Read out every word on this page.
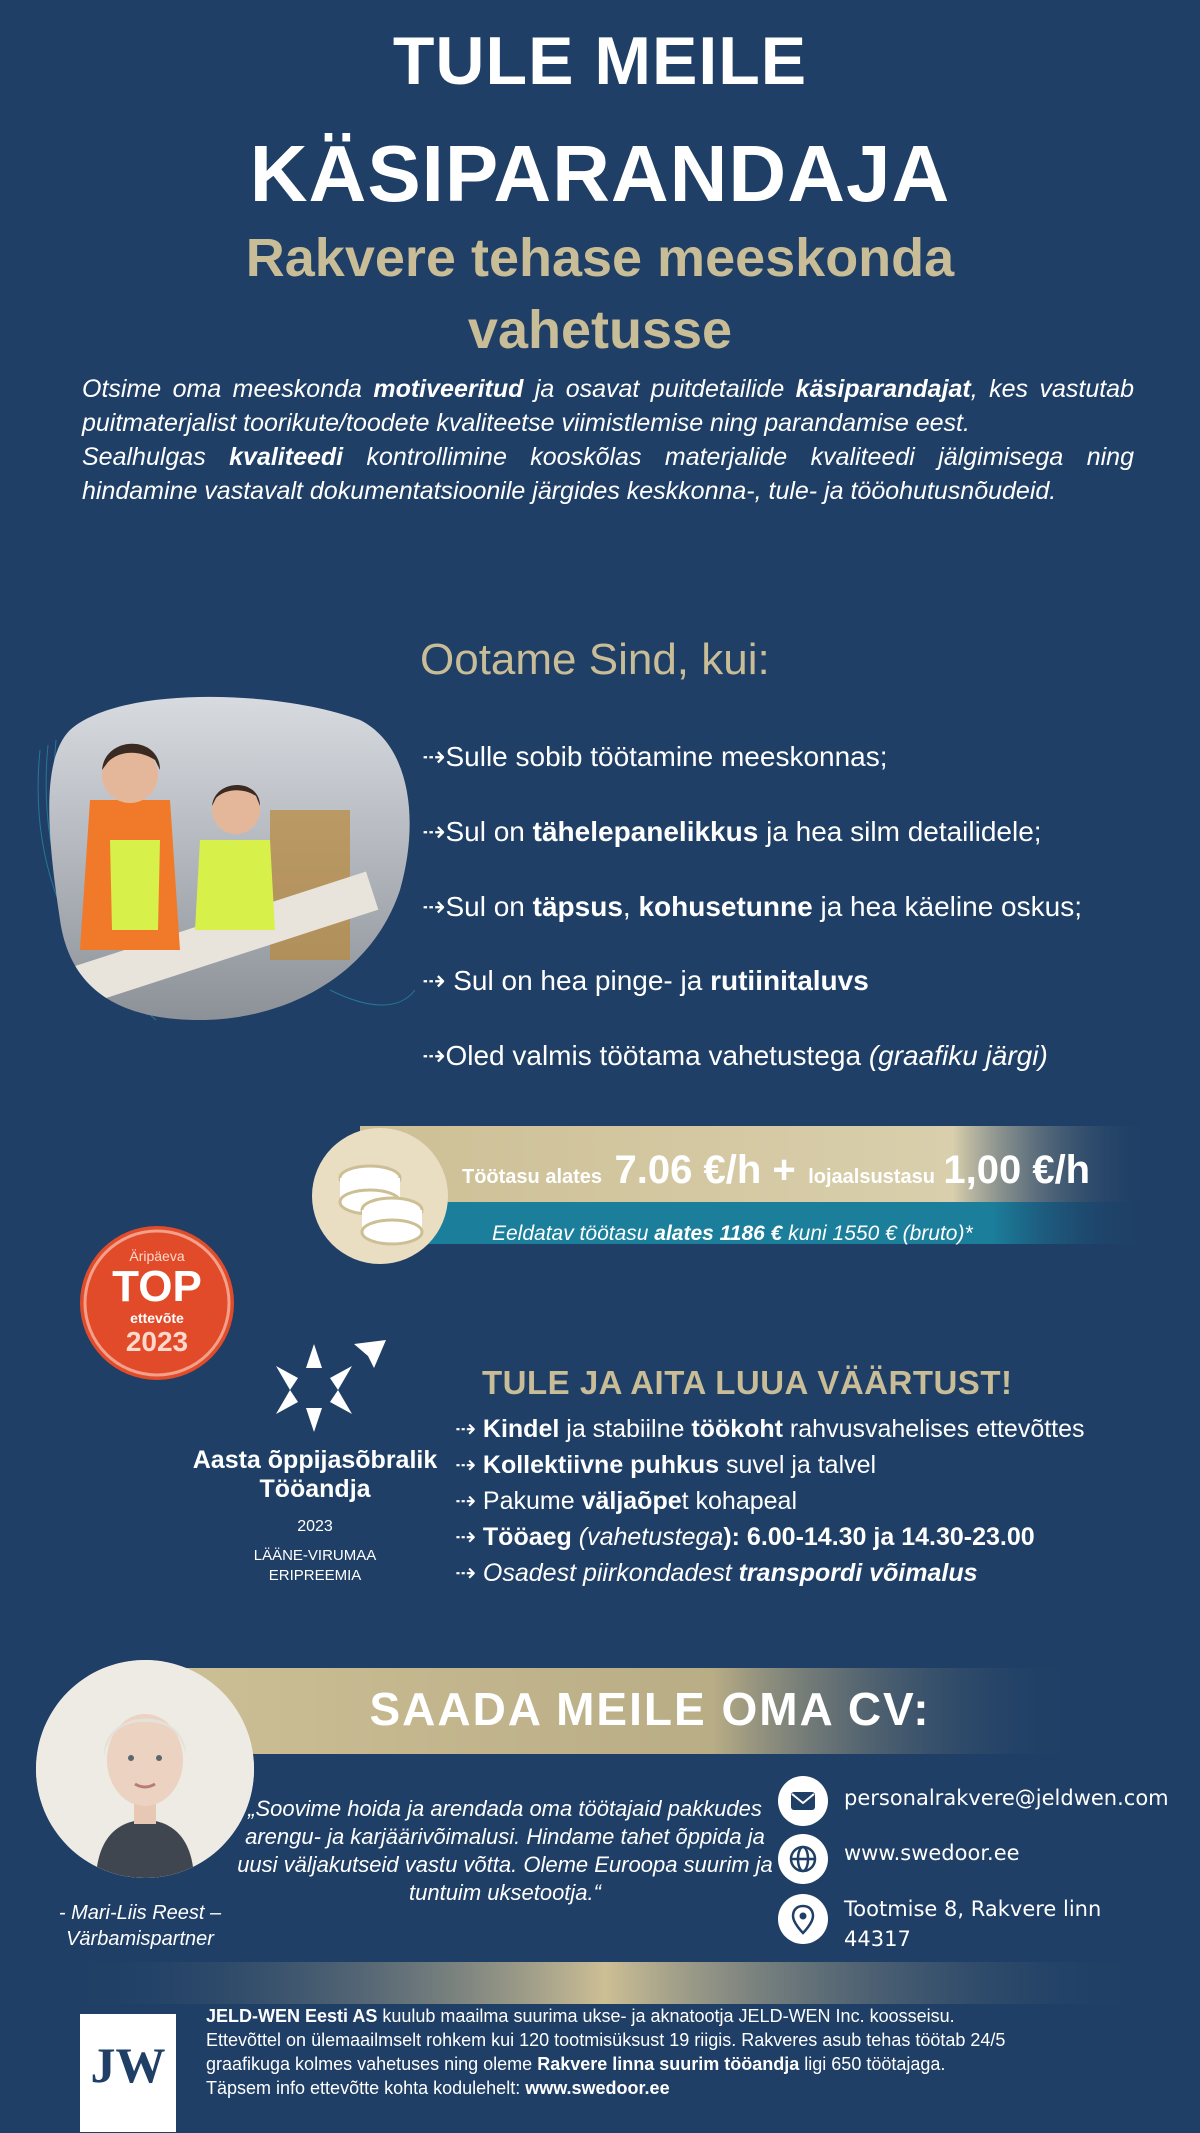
TULE MEILE
KÄSIPARANDAJA
Rakvere tehase meeskonda
vahetusse
Otsime oma meeskonda motiveeritud ja osavat puitdetailide käsiparandajat, kes vastutab puitmaterjalist toorikute/toodete kvaliteetse viimistlemise ning parandamise eest.
Sealhulgas kvaliteedi kontrollimine kooskõlas materjalide kvaliteedi jälgimisega ning hindamine vastavalt dokumentatsioonile järgides keskkonna-, tule- ja tööohutusnõudeid.
Ootame Sind, kui:
⇢Sulle sobib töötamine meeskonnas;
⇢Sul on tähelepanelikkus ja hea silm detailidele;
⇢Sul on täpsus, kohusetunne ja hea käeline oskus;
⇢ Sul on hea pinge- ja rutiinitaluvs
⇢Oled valmis töötama vahetustega (graafiku järgi)
Töötasu alates 7.06 €/h + lojaalsustasu 1,00 €/h
Eeldatav töötasu alates 1186 € kuni 1550 € (bruto)*
Äripäeva
TOP
ettevõte
2023
Aasta õppijasõbralik
Tööandja
2023
LÄÄNE-VIRUMAA
ERIPREEMIA
TULE JA AITA LUUA VÄÄRTUST!
⇢ Kindel ja stabiilne töökoht rahvusvahelises ettevõttes
⇢ Kollektiivne puhkus suvel ja talvel
⇢ Pakume väljaõpet kohapeal
⇢ Tööaeg (vahetustega): 6.00-14.30 ja 14.30-23.00
⇢ Osadest piirkondadest transpordi võimalus
SAADA MEILE OMA CV:
- Mari-Liis Reest –
Värbamispartner
„Soovime hoida ja arendada oma töötajaid pakkudes arengu- ja karjäärivõimalusi. Hindame tahet õppida ja uusi väljakutseid vastu võtta. Oleme Euroopa suurim ja tuntuim uksetootja.“
personalrakvere@jeldwen.com
www.swedoor.ee
Tootmise 8, Rakvere linn
44317
JW
JELD-WEN Eesti AS kuulub maailma suurima ukse- ja aknatootja JELD-WEN Inc. koosseisu.
Ettevõttel on ülemaailmselt rohkem kui 120 tootmisüksust 19 riigis. Rakveres asub tehas töötab 24/5
graafikuga kolmes vahetuses ning oleme Rakvere linna suurim tööandja ligi 650 töötajaga.
Täpsem info ettevõtte kohta kodulehelt: www.swedoor.ee
